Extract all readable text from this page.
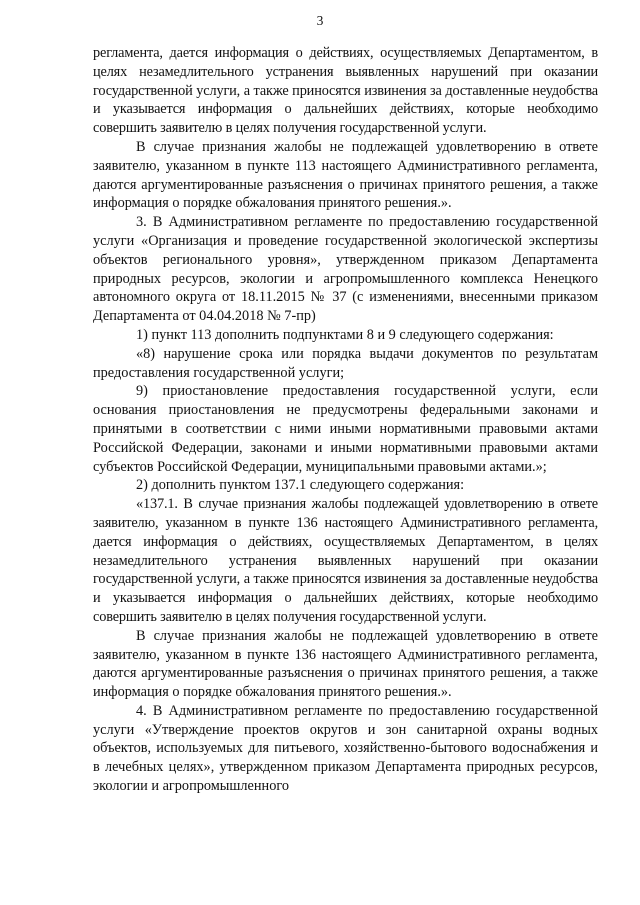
3

регламента, дается информация о действиях, осуществляемых Департаментом, в целях незамедлительного устранения выявленных нарушений при оказании государственной услуги, а также приносятся извинения за доставленные неудобства и указывается информация о дальнейших действиях, которые необходимо совершить заявителю в целях получения государственной услуги.

В случае признания жалобы не подлежащей удовлетворению в ответе заявителю, указанном в пункте 113 настоящего Административного регламента, даются аргументированные разъяснения о причинах принятого решения, а также информация о порядке обжалования принятого решения.».

3. В Административном регламенте по предоставлению государственной услуги «Организация и проведение государственной экологической экспертизы объектов регионального уровня», утвержденном приказом Департамента природных ресурсов, экологии и агропромышленного комплекса Ненецкого автономного округа от 18.11.2015 № 37 (с изменениями, внесенными приказом Департамента от 04.04.2018 № 7-пр)

1) пункт 113 дополнить подпунктами 8 и 9 следующего содержания:

«8) нарушение срока или порядка выдачи документов по результатам предоставления государственной услуги;

9) приостановление предоставления государственной услуги, если основания приостановления не предусмотрены федеральными законами и принятыми в соответствии с ними иными нормативными правовыми актами Российской Федерации, законами и иными нормативными правовыми актами субъектов Российской Федерации, муниципальными правовыми актами.»;

2) дополнить пунктом 137.1 следующего содержания:

«137.1. В случае признания жалобы подлежащей удовлетворению в ответе заявителю, указанном в пункте 136 настоящего Административного регламента, дается информация о действиях, осуществляемых Департаментом, в целях незамедлительного устранения выявленных нарушений при оказании государственной услуги, а также приносятся извинения за доставленные неудобства и указывается информация о дальнейших действиях, которые необходимо совершить заявителю в целях получения государственной услуги.

В случае признания жалобы не подлежащей удовлетворению в ответе заявителю, указанном в пункте 136 настоящего Административного регламента, даются аргументированные разъяснения о причинах принятого решения, а также информация о порядке обжалования принятого решения.».

4. В Административном регламенте по предоставлению государственной услуги «Утверждение проектов округов и зон санитарной охраны водных объектов, используемых для питьевого, хозяйственно-бытового водоснабжения и в лечебных целях», утвержденном приказом Департамента природных ресурсов, экологии и агропромышленного
